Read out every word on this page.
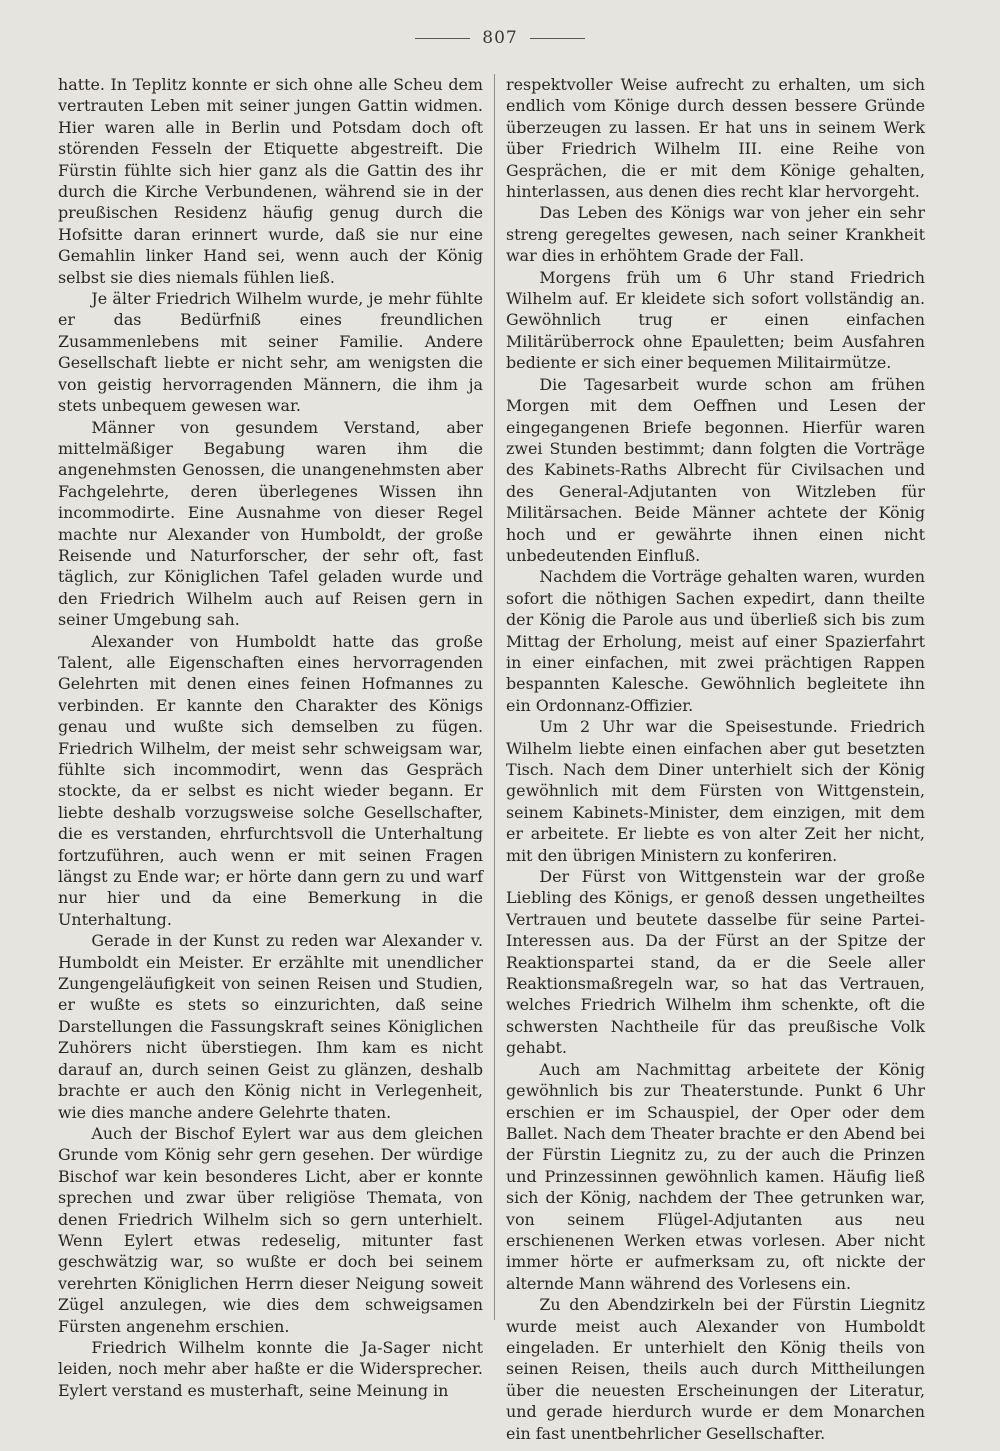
807

hatte. In Teplitz konnte er sich ohne alle Scheu dem vertrauten Leben mit seiner jungen Gattin widmen. Hier waren alle in Berlin und Potsdam doch oft störenden Fesseln der Etiquette abgestreift. Die Fürstin fühlte sich hier ganz als die Gattin des ihr durch die Kirche Verbundenen, während sie in der preußischen Residenz häufig genug durch die Hofsitte daran erinnert wurde, daß sie nur eine Gemahlin linker Hand sei, wenn auch der König selbst sie dies niemals fühlen ließ.

Je älter Friedrich Wilhelm wurde, je mehr fühlte er das Bedürfniß eines freundlichen Zusammenlebens mit seiner Familie. Andere Gesellschaft liebte er nicht sehr, am wenigsten die von geistig hervorragenden Männern, die ihm ja stets unbequem gewesen war.

Männer von gesundem Verstand, aber mittelmäßiger Begabung waren ihm die angenehmsten Genossen, die unangenehmsten aber Fachgelehrte, deren überlegenes Wissen ihn incommodirte. Eine Ausnahme von dieser Regel machte nur Alexander von Humboldt, der große Reisende und Naturforscher, der sehr oft, fast täglich, zur Königlichen Tafel geladen wurde und den Friedrich Wilhelm auch auf Reisen gern in seiner Umgebung sah.

Alexander von Humboldt hatte das große Talent, alle Eigenschaften eines hervorragenden Gelehrten mit denen eines feinen Hofmannes zu verbinden. Er kannte den Charakter des Königs genau und wußte sich demselben zu fügen. Friedrich Wilhelm, der meist sehr schweigsam war, fühlte sich incommodirt, wenn das Gespräch stockte, da er selbst es nicht wieder begann. Er liebte deshalb vorzugsweise solche Gesellschafter, die es verstanden, ehrfurchtsvoll die Unterhaltung fortzuführen, auch wenn er mit seinen Fragen längst zu Ende war; er hörte dann gern zu und warf nur hier und da eine Bemerkung in die Unterhaltung.

Gerade in der Kunst zu reden war Alexander v. Humboldt ein Meister. Er erzählte mit unendlicher Zungengeläufigkeit von seinen Reisen und Studien, er wußte es stets so einzurichten, daß seine Darstellungen die Fassungskraft seines Königlichen Zuhörers nicht überstiegen. Ihm kam es nicht darauf an, durch seinen Geist zu glänzen, deshalb brachte er auch den König nicht in Verlegenheit, wie dies manche andere Gelehrte thaten.

Auch der Bischof Eylert war aus dem gleichen Grunde vom König sehr gern gesehen. Der würdige Bischof war kein besonderes Licht, aber er konnte sprechen und zwar über religiöse Themata, von denen Friedrich Wilhelm sich so gern unterhielt. Wenn Eylert etwas redeselig, mitunter fast geschwätzig war, so wußte er doch bei seinem verehrten Königlichen Herrn dieser Neigung soweit Zügel anzulegen, wie dies dem schweigsamen Fürsten angenehm erschien.

Friedrich Wilhelm konnte die Ja-Sager nicht leiden, noch mehr aber haßte er die Widersprecher. Eylert verstand es musterhaft, seine Meinung in

respektvoller Weise aufrecht zu erhalten, um sich endlich vom Könige durch dessen bessere Gründe überzeugen zu lassen. Er hat uns in seinem Werk über Friedrich Wilhelm III. eine Reihe von Gesprächen, die er mit dem Könige gehalten, hinterlassen, aus denen dies recht klar hervorgeht.

Das Leben des Königs war von jeher ein sehr streng geregeltes gewesen, nach seiner Krankheit war dies in erhöhtem Grade der Fall.

Morgens früh um 6 Uhr stand Friedrich Wilhelm auf. Er kleidete sich sofort vollständig an. Gewöhnlich trug er einen einfachen Militärüberrock ohne Epauletten; beim Ausfahren bediente er sich einer bequemen Militairmütze.

Die Tagesarbeit wurde schon am frühen Morgen mit dem Oeffnen und Lesen der eingegangenen Briefe begonnen. Hierfür waren zwei Stunden bestimmt; dann folgten die Vorträge des Kabinets-Raths Albrecht für Civilsachen und des General-Adjutanten von Witzleben für Militärsachen. Beide Männer achtete der König hoch und er gewährte ihnen einen nicht unbedeutenden Einfluß.

Nachdem die Vorträge gehalten waren, wurden sofort die nöthigen Sachen expedirt, dann theilte der König die Parole aus und überließ sich bis zum Mittag der Erholung, meist auf einer Spazierfahrt in einer einfachen, mit zwei prächtigen Rappen bespannten Kalesche. Gewöhnlich begleitete ihn ein Ordonnanz-Offizier.

Um 2 Uhr war die Speisestunde. Friedrich Wilhelm liebte einen einfachen aber gut besetzten Tisch. Nach dem Diner unterhielt sich der König gewöhnlich mit dem Fürsten von Wittgenstein, seinem Kabinets-Minister, dem einzigen, mit dem er arbeitete. Er liebte es von alter Zeit her nicht, mit den übrigen Ministern zu konferiren.

Der Fürst von Wittgenstein war der große Liebling des Königs, er genoß dessen ungetheiltes Vertrauen und beutete dasselbe für seine Partei-Interessen aus. Da der Fürst an der Spitze der Reaktionspartei stand, da er die Seele aller Reaktionsmaßregeln war, so hat das Vertrauen, welches Friedrich Wilhelm ihm schenkte, oft die schwersten Nachtheile für das preußische Volk gehabt.

Auch am Nachmittag arbeitete der König gewöhnlich bis zur Theaterstunde. Punkt 6 Uhr erschien er im Schauspiel, der Oper oder dem Ballet. Nach dem Theater brachte er den Abend bei der Fürstin Liegnitz zu, zu der auch die Prinzen und Prinzessinnen gewöhnlich kamen. Häufig ließ sich der König, nachdem der Thee getrunken war, von seinem Flügel-Adjutanten aus neu erschienenen Werken etwas vorlesen. Aber nicht immer hörte er aufmerksam zu, oft nickte der alternde Mann während des Vorlesens ein.

Zu den Abendzirkeln bei der Fürstin Liegnitz wurde meist auch Alexander von Humboldt eingeladen. Er unterhielt den König theils von seinen Reisen, theils auch durch Mittheilungen über die neuesten Erscheinungen der Literatur, und gerade hierdurch wurde er dem Monarchen ein fast unentbehrlicher Gesellschafter.
